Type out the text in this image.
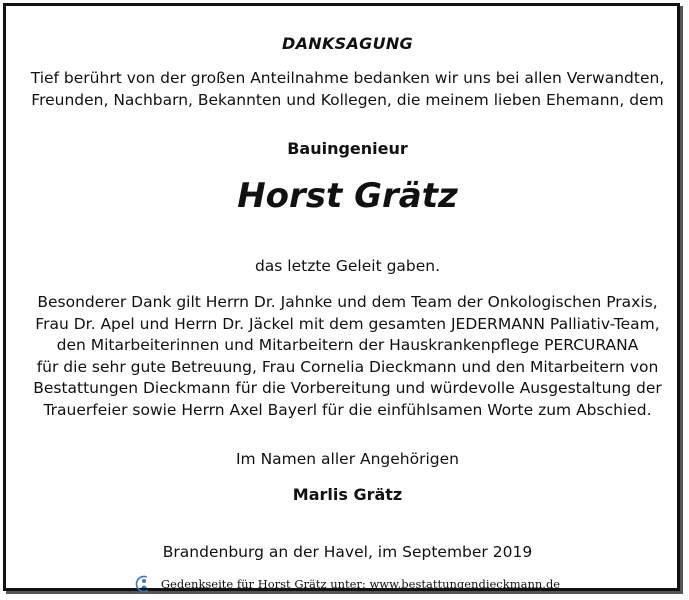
DANKSAGUNG
Tief berührt von der großen Anteilnahme bedanken wir uns bei allen Verwandten,
Freunden, Nachbarn, Bekannten und Kollegen, die meinem lieben Ehemann, dem
Bauingenieur
Horst Grätz
das letzte Geleit gaben.
Besonderer Dank gilt Herrn Dr. Jahnke und dem Team der Onkologischen Praxis,
Frau Dr. Apel und Herrn Dr. Jäckel mit dem gesamten JEDERMANN Palliativ-Team,
den Mitarbeiterinnen und Mitarbeitern der Hauskrankenpflege PERCURANA
für die sehr gute Betreuung, Frau Cornelia Dieckmann und den Mitarbeitern von
Bestattungen Dieckmann für die Vorbereitung und würdevolle Ausgestaltung der
Trauerfeier sowie Herrn Axel Bayerl für die einfühlsamen Worte zum Abschied.
Im Namen aller Angehörigen
Marlis Grätz
Brandenburg an der Havel, im September 2019
Gedenkseite für Horst Grätz unter: www.bestattungendieckmann.de
